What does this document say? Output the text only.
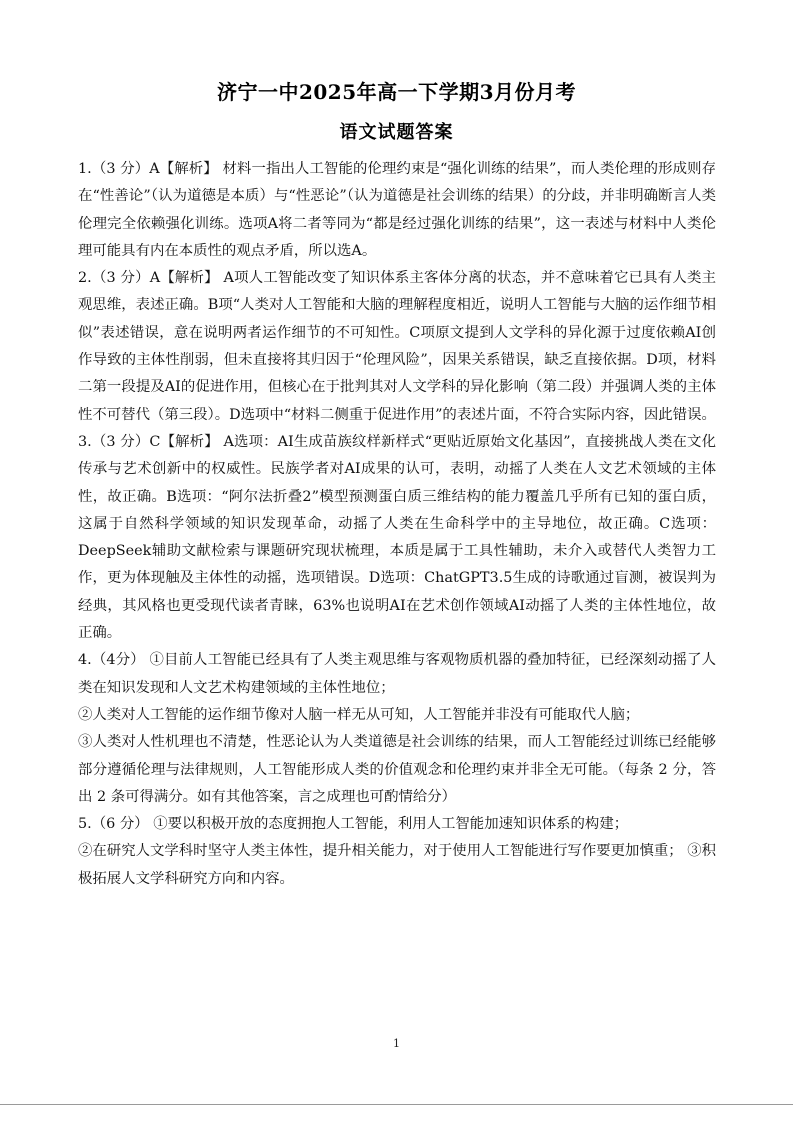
济宁一中2025年高一下学期3月份月考
语文试题答案

1.（3 分）A【解析】 材料一指出人工智能的伦理约束是“强化训练的结果”，而人类伦理的形成则存在“性善论”（认为道德是本质）与“性恶论”（认为道德是社会训练的结果）的分歧，并非明确断言人类伦理完全依赖强化训练。选项A将二者等同为“都是经过强化训练的结果”，这一表述与材料中人类伦理可能具有内在本质性的观点矛盾，所以选A。

2.（3 分）A【解析】 A项人工智能改变了知识体系主客体分离的状态，并不意味着它已具有人类主观思维，表述正确。B项“人类对人工智能和大脑的理解程度相近，说明人工智能与大脑的运作细节相似”表述错误，意在说明两者运作细节的不可知性。C项原文提到人文学科的异化源于过度依赖AI创作导致的主体性削弱，但未直接将其归因于“伦理风险”，因果关系错误，缺乏直接依据。D项，材料二第一段提及AI的促进作用，但核心在于批判其对人文学科的异化影响（第二段）并强调人类的主体性不可替代（第三段）。D选项中“材料二侧重于促进作用”的表述片面，不符合实际内容，因此错误。

3.（3 分）C【解析】 A选项：AI生成苗族纹样新样式“更贴近原始文化基因”，直接挑战人类在文化传承与艺术创新中的权威性。民族学者对AI成果的认可，表明，动摇了人类在人文艺术领域的主体性，故正确。B选项：“阿尔法折叠2”模型预测蛋白质三维结构的能力覆盖几乎所有已知的蛋白质，这属于自然科学领域的知识发现革命，动摇了人类在生命科学中的主导地位，故正确。C选项：DeepSeek辅助文献检索与课题研究现状梳理，本质是属于工具性辅助，未介入或替代人类智力工作，更为体现触及主体性的动摇，选项错误。D选项：ChatGPT3.5生成的诗歌通过盲测，被误判为经典，其风格也更受现代读者青睐，63%也说明AI在艺术创作领域AI动摇了人类的主体性地位，故正确。

4.（4分） ①目前人工智能已经具有了人类主观思维与客观物质机器的叠加特征，已经深刻动摇了人类在知识发现和人文艺术构建领域的主体性地位；

②人类对人工智能的运作细节像对人脑一样无从可知，人工智能并非没有可能取代人脑；

③人类对人性机理也不清楚，性恶论认为人类道德是社会训练的结果，而人工智能经过训练已经能够部分遵循伦理与法律规则，人工智能形成人类的价值观念和伦理约束并非全无可能。（每条 2 分，答出 2 条可得满分。如有其他答案，言之成理也可酌情给分）

5.（6 分） ①要以积极开放的态度拥抱人工智能，利用人工智能加速知识体系的构建；

②在研究人文学科时坚守人类主体性，提升相关能力，对于使用人工智能进行写作要更加慎重； ③积极拓展人文学科研究方向和内容。

1
